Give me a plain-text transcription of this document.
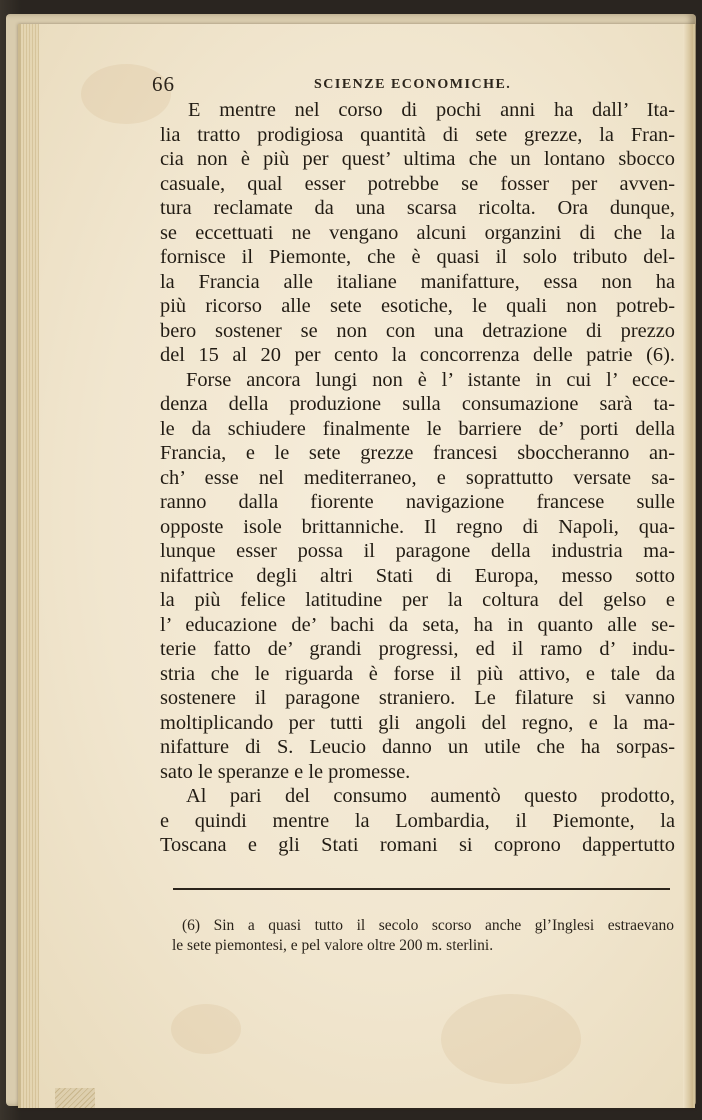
66	SCIENZE ECONOMICHE.
E mentre nel corso di pochi anni ha dall’ Ita-
lia tratto prodigiosa quantità di sete grezze, la Fran-
cia non è più per quest’ ultima che un lontano sbocco
casuale, qual esser potrebbe se fosser per avven-
tura reclamate da una scarsa ricolta. Ora dunque,
se eccettuati ne vengano alcuni organzini di che la
fornisce il Piemonte, che è quasi il solo tributo del-
la Francia alle italiane manifatture, essa non ha
più ricorso alle sete esotiche, le quali non potreb-
bero sostener se non con una detrazione di prezzo
del 15 al 20 per cento la concorrenza delle patrie (6).
Forse ancora lungi non è l’ istante in cui l’ ecce-
denza della produzione sulla consumazione sarà ta-
le da schiudere finalmente le barriere de’ porti della
Francia, e le sete grezze francesi sboccheranno an-
ch’ esse nel mediterraneo, e soprattutto versate sa-
ranno dalla fiorente navigazione francese sulle
opposte isole brittanniche. Il regno di Napoli, qua-
lunque esser possa il paragone della industria ma-
nifattrice degli altri Stati di Europa, messo sotto
la più felice latitudine per la coltura del gelso e
l’ educazione de’ bachi da seta, ha in quanto alle se-
terie fatto de’ grandi progressi, ed il ramo d’ indu-
stria che le riguarda è forse il più attivo, e tale da
sostenere il paragone straniero. Le filature si vanno
moltiplicando per tutti gli angoli del regno, e la ma-
nifatture di S. Leucio danno un utile che ha sorpas-
sato le speranze e le promesse.
Al pari del consumo aumentò questo prodotto,
e quindi mentre la Lombardia, il Piemonte, la
Toscana e gli Stati romani si coprono dappertutto
(6) Sin a quasi tutto il secolo scorso anche gl’Inglesi estraevano
le sete piemontesi, e pel valore oltre 200 m. sterlini.
